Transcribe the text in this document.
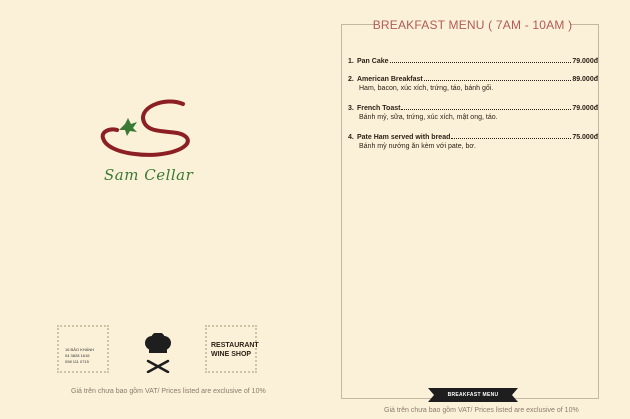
Sam Cellar
16 BẢO KHÁNH
04 3828 1616
098 111 0715
RESTAURANT
WINE SHOP
Giá trên chưa bao gồm VAT/ Prices listed are exclusive of 10%
BREAKFAST MENU ( 7AM - 10AM )
1. Pan Cake	79.000đ
2. American Breakfast	89.000đ
Ham, bacon, xúc xích, trứng, táo, bánh gối.
3. French Toast	79.000đ
Bánh mỳ, sữa, trứng, xúc xích, mật ong, táo.
4. Pate Ham served with bread	75.000đ
Bánh mỳ nướng ăn kèm với pate, bơ.
BREAKFAST MENU
Giá trên chưa bao gồm VAT/ Prices listed are exclusive of 10%
